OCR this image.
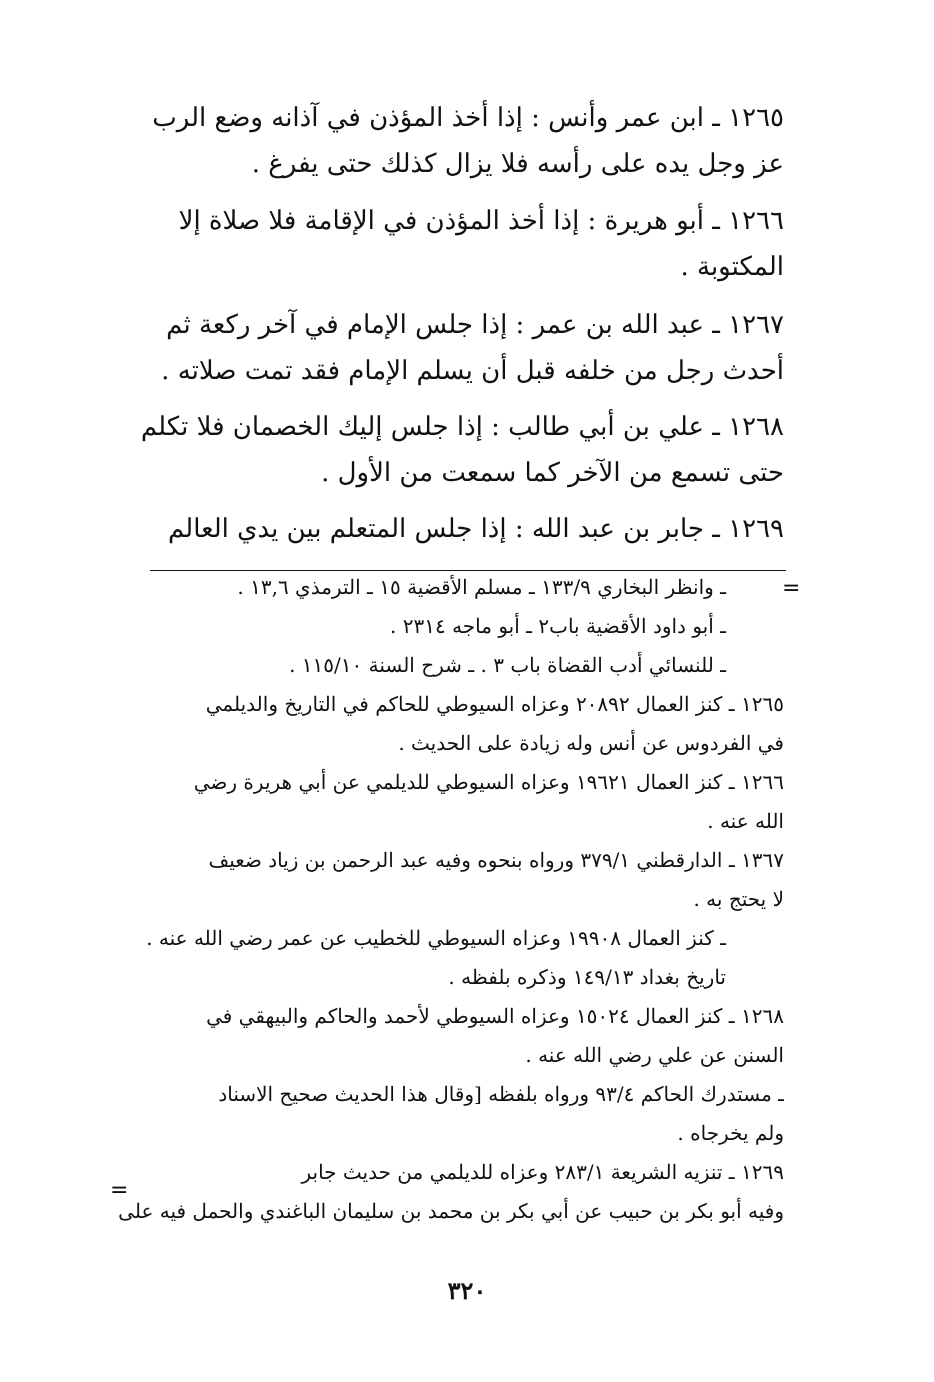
١٢٦٥ ـ ابن عمر وأنس : إذا أخذ المؤذن في آذانه وضع الرب
عز وجل يده على رأسه فلا يزال كذلك حتى يفرغ .
١٢٦٦ ـ أبو هريرة : إذا أخذ المؤذن في الإقامة فلا صلاة إلا
المكتوبة .
١٢٦٧ ـ عبد الله بن عمر : إذا جلس الإمام في آخر ركعة ثم
أحدث رجل من خلفه قبل أن يسلم الإمام فقد تمت صلاته .
١٢٦٨ ـ علي بن أبي طالب : إذا جلس إليك الخصمان فلا تكلم
حتى تسمع من الآخر كما سمعت من الأول .
١٢٦٩ ـ جابر بن عبد الله : إذا جلس المتعلم بين يدي العالم
=
ـ وانظر البخاري ١٣٣/٩ ـ مسلم الأقضية ١٥ ـ الترمذي ١٣,٦ .
ـ أبو داود الأقضية باب٢ ـ أبو ماجه ٢٣١٤ .
ـ للنسائي أدب القضاة باب ٣ . ـ شرح السنة ١١٥/١٠ .
١٢٦٥ ـ كنز العمال ٢٠٨٩٢ وعزاه السيوطي للحاكم في التاريخ والديلمي
في الفردوس عن أنس وله زيادة على الحديث .
١٢٦٦ ـ كنز العمال ١٩٦٢١ وعزاه السيوطي للديلمي عن أبي هريرة رضي
الله عنه .
١٣٦٧ ـ الدارقطني ٣٧٩/١ ورواه بنحوه وفيه عبد الرحمن بن زياد ضعيف
لا يحتج به .
ـ كنز العمال ١٩٩٠٨ وعزاه السيوطي للخطيب عن عمر رضي الله عنه .
تاريخ بغداد ١٤٩/١٣ وذكره بلفظه .
١٢٦٨ ـ كنز العمال ١٥٠٢٤ وعزاه السيوطي لأحمد والحاكم والبيهقي في
السنن عن علي رضي الله عنه .
ـ مستدرك الحاكم ٩٣/٤ ورواه بلفظه [وقال هذا الحديث صحيح الاسناد
ولم يخرجاه .
١٢٦٩ ـ تنزيه الشريعة ٢٨٣/١ وعزاه للديلمي من حديث جابر
وفيه أبو بكر بن حبيب عن أبي بكر بن محمد بن سليمان الباغندي والحمل فيه على
=
٣٢٠
